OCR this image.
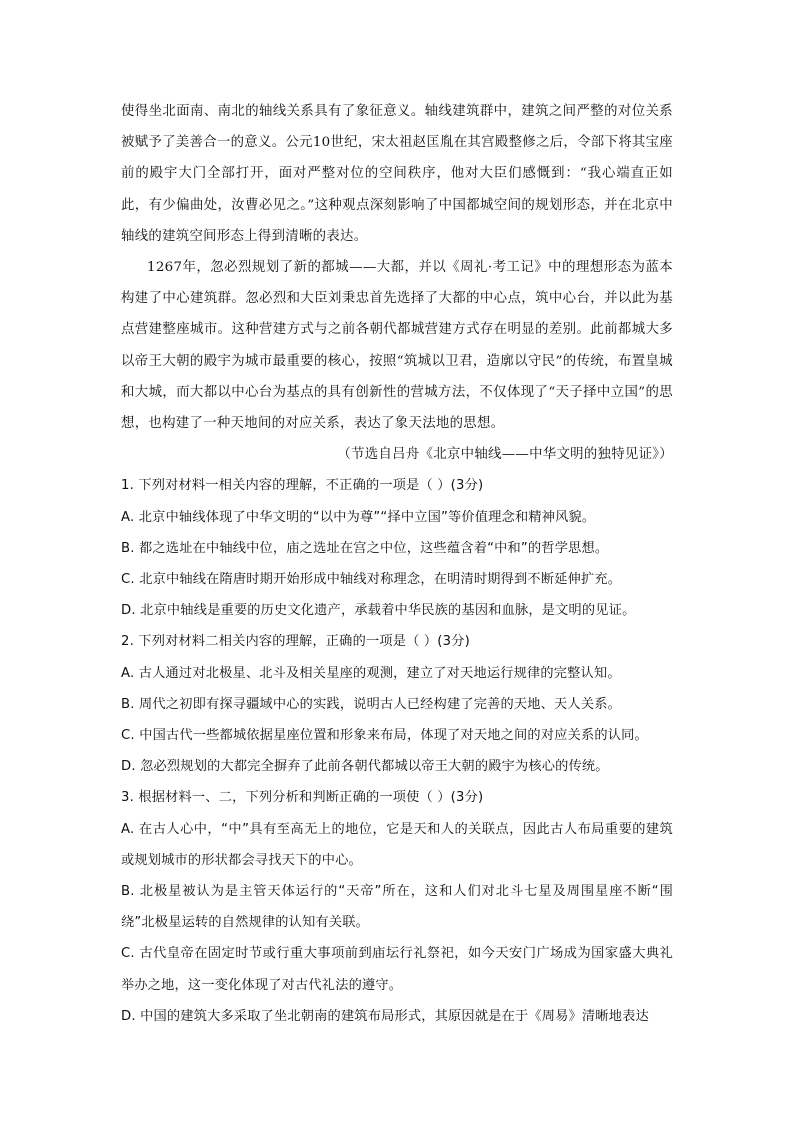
使得坐北面南、南北的轴线关系具有了象征意义。轴线建筑群中，建筑之间严整的对位关系被赋予了美善合一的意义。公元10世纪，宋太祖赵匡胤在其宫殿整修之后，令部下将其宝座前的殿宇大门全部打开，面对严整对位的空间秩序，他对大臣们感慨到：“我心端直正如此，有少偏曲处，汝曹必见之。”这种观点深刻影响了中国都城空间的规划形态，并在北京中轴线的建筑空间形态上得到清晰的表达。

1267年，忽必烈规划了新的都城——大都，并以《周礼·考工记》中的理想形态为蓝本构建了中心建筑群。忽必烈和大臣刘秉忠首先选择了大都的中心点，筑中心台，并以此为基点营建整座城市。这种营建方式与之前各朝代都城营建方式存在明显的差别。此前都城大多以帝王大朝的殿宇为城市最重要的核心，按照“筑城以卫君，造廓以守民”的传统，布置皇城和大城，而大都以中心台为基点的具有创新性的营城方法，不仅体现了“天子择中立国”的思想，也构建了一种天地间的对应关系，表达了象天法地的思想。

（节选自吕舟《北京中轴线——中华文明的独特见证》）

1. 下列对材料一相关内容的理解，不正确的一项是（ ）(3分)

A. 北京中轴线体现了中华文明的“以中为尊”“择中立国”等价值理念和精神风貌。

B. 都之选址在中轴线中位，庙之选址在宫之中位，这些蕴含着“中和”的哲学思想。

C. 北京中轴线在隋唐时期开始形成中轴线对称理念，在明清时期得到不断延伸扩充。

D. 北京中轴线是重要的历史文化遗产，承载着中华民族的基因和血脉，是文明的见证。

2. 下列对材料二相关内容的理解，正确的一项是（ ）(3分)

A. 古人通过对北极星、北斗及相关星座的观测，建立了对天地运行规律的完整认知。

B. 周代之初即有探寻疆域中心的实践，说明古人已经构建了完善的天地、天人关系。

C. 中国古代一些都城依据星座位置和形象来布局，体现了对天地之间的对应关系的认同。

D. 忽必烈规划的大都完全摒弃了此前各朝代都城以帝王大朝的殿宇为核心的传统。

3. 根据材料一、二，下列分析和判断正确的一项使（ ）(3分)

A. 在古人心中，“中”具有至高无上的地位，它是天和人的关联点，因此古人布局重要的建筑或规划城市的形状都会寻找天下的中心。

B. 北极星被认为是主管天体运行的“天帝”所在，这和人们对北斗七星及周围星座不断“围绕”北极星运转的自然规律的认知有关联。

C. 古代皇帝在固定时节或行重大事项前到庙坛行礼祭祀，如今天安门广场成为国家盛大典礼举办之地，这一变化体现了对古代礼法的遵守。

D. 中国的建筑大多采取了坐北朝南的建筑布局形式，其原因就是在于《周易》清晰地表达
